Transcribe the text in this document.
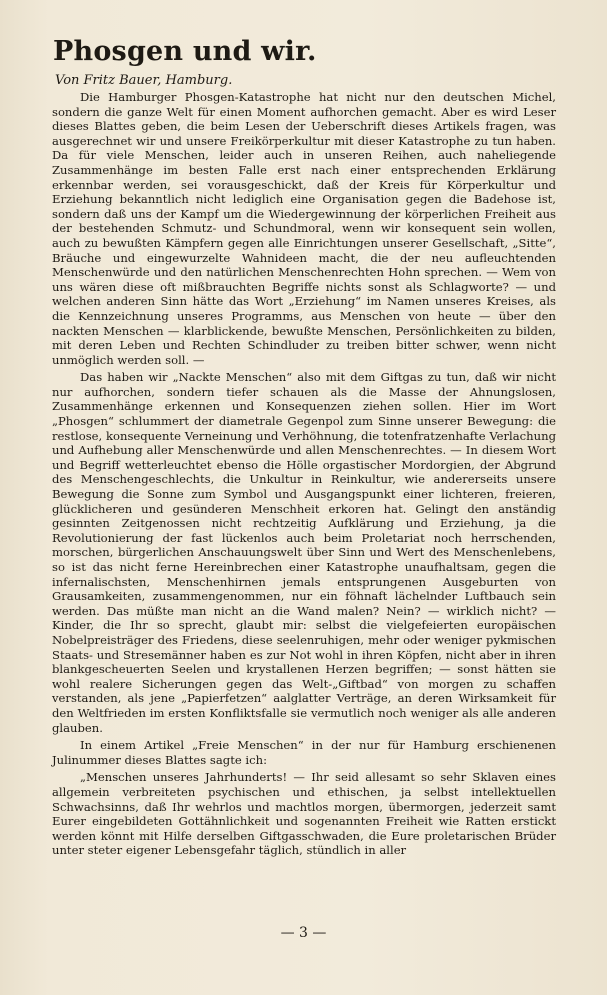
Phosgen und wir.

Von Fritz Bauer, Hamburg.

Die Hamburger Phosgen-Katastrophe hat nicht nur den deutschen Michel, sondern die ganze Welt für einen Moment aufhorchen gemacht. Aber es wird Leser dieses Blattes geben, die beim Lesen der Ueberschrift dieses Artikels fragen, was ausgerechnet wir und unsere Freikörperkultur mit dieser Katastrophe zu tun haben. Da für viele Menschen, leider auch in unseren Reihen, auch naheliegende Zusammenhänge im besten Falle erst nach einer entsprechenden Erklärung erkennbar werden, sei vorausgeschickt, daß der Kreis für Körperkultur und Erziehung bekanntlich nicht lediglich eine Organisation gegen die Badehose ist, sondern daß uns der Kampf um die Wiedergewinnung der körperlichen Freiheit aus der bestehenden Schmutz- und Schundmoral, wenn wir konsequent sein wollen, auch zu bewußten Kämpfern gegen alle Einrichtungen unserer Gesellschaft, „Sitte“, Bräuche und eingewurzelte Wahnideen macht, die der neu aufleuchtenden Menschenwürde und den natürlichen Menschenrechten Hohn sprechen. — Wem von uns wären diese oft mißbrauchten Begriffe nichts sonst als Schlagworte? — und welchen anderen Sinn hätte das Wort „Erziehung“ im Namen unseres Kreises, als die Kennzeichnung unseres Programms, aus Menschen von heute — über den nackten Menschen — klarblickende, bewußte Menschen, Persönlichkeiten zu bilden, mit deren Leben und Rechten Schindluder zu treiben bitter schwer, wenn nicht unmöglich werden soll. —

Das haben wir „Nackte Menschen“ also mit dem Giftgas zu tun, daß wir nicht nur aufhorchen, sondern tiefer schauen als die Masse der Ahnungslosen, Zusammenhänge erkennen und Konsequenzen ziehen sollen. Hier im Wort „Phosgen“ schlummert der diametrale Gegenpol zum Sinne unserer Bewegung: die restlose, konsequente Verneinung und Verhöhnung, die totenfratzenhafte Verlachung und Aufhebung aller Menschenwürde und allen Menschenrechtes. — In diesem Wort und Begriff wetterleuchtet ebenso die Hölle orgastischer Mordorgien, der Abgrund des Menschengeschlechts, die Unkultur in Reinkultur, wie andererseits unsere Bewegung die Sonne zum Symbol und Ausgangspunkt einer lichteren, freieren, glücklicheren und gesünderen Menschheit erkoren hat. Gelingt den anständig gesinnten Zeitgenossen nicht rechtzeitig Aufklärung und Erziehung, ja die Revolutionierung der fast lückenlos auch beim Proletariat noch herrschenden, morschen, bürgerlichen Anschauungswelt über Sinn und Wert des Menschenlebens, so ist das nicht ferne Hereinbrechen einer Katastrophe unaufhaltsam, gegen die infernalischsten, Menschenhirnen jemals entsprungenen Ausgeburten von Grausamkeiten, zusammengenommen, nur ein föhnaft lächelnder Luftbauch sein werden. Das müßte man nicht an die Wand malen? Nein? — wirklich nicht? — Kinder, die Ihr so sprecht, glaubt mir: selbst die vielgefeierten europäischen Nobelpreisträger des Friedens, diese seelenruhigen, mehr oder weniger pykmischen Staats- und Stresemänner haben es zur Not wohl in ihren Köpfen, nicht aber in ihren blankgescheuerten Seelen und krystallenen Herzen begriffen; — sonst hätten sie wohl realere Sicherungen gegen das Welt-„Giftbad“ von morgen zu schaffen verstanden, als jene „Papierfetzen“ aalglatter Verträge, an deren Wirksamkeit für den Weltfrieden im ersten Konfliktsfalle sie vermutlich noch weniger als alle anderen glauben.

In einem Artikel „Freie Menschen“ in der nur für Hamburg erschienenen Julinummer dieses Blattes sagte ich:

„Menschen unseres Jahrhunderts! — Ihr seid allesamt so sehr Sklaven eines allgemein verbreiteten psychischen und ethischen, ja selbst intellektuellen Schwachsinns, daß Ihr wehrlos und machtlos morgen, übermorgen, jederzeit samt Eurer eingebildeten Gottähnlichkeit und sogenannten Freiheit wie Ratten erstickt werden könnt mit Hilfe derselben Giftgasschwaden, die Eure proletarischen Brüder unter steter eigener Lebensgefahr täglich, stündlich in aller

— 3 —
